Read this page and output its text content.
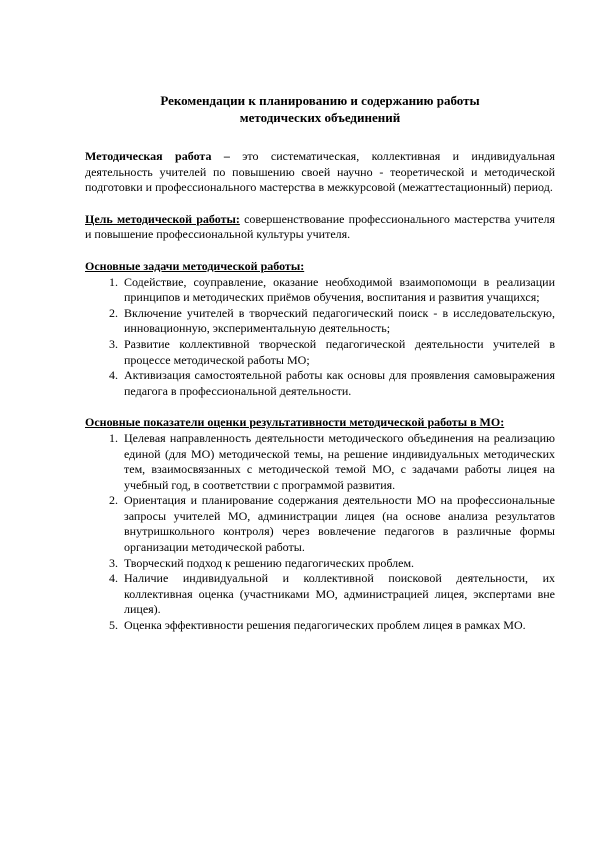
Рекомендации к планированию и содержанию работы
методических объединений

Методическая работа – это систематическая, коллективная и индивидуальная деятельность учителей по повышению своей научно - теоретической и методической подготовки и профессионального мастерства в межкурсовой (межаттестационный) период.

Цель методической работы: совершенствование профессионального мастерства учителя и повышение профессиональной культуры учителя.

Основные задачи методической работы:

1. Содействие, соуправление, оказание необходимой взаимопомощи в реализации принципов и методических приёмов обучения, воспитания и развития учащихся;
2. Включение учителей в творческий педагогический поиск - в исследовательскую, инновационную, экспериментальную деятельность;
3. Развитие коллективной творческой педагогической деятельности учителей в процессе методической работы МО;
4. Активизация самостоятельной работы как основы для проявления самовыражения педагога в профессиональной деятельности.

Основные показатели оценки результативности методической работы в МО:

1. Целевая направленность деятельности методического объединения на реализацию единой (для МО) методической темы, на решение индивидуальных методических тем, взаимосвязанных с методической темой МО, с задачами работы лицея на учебный год, в соответствии с программой развития.
2. Ориентация и планирование содержания деятельности МО на профессиональные запросы учителей МО, администрации лицея (на основе анализа результатов внутришкольного контроля) через вовлечение педагогов в различные формы организации методической работы.
3. Творческий подход к решению педагогических проблем.
4. Наличие индивидуальной и коллективной поисковой деятельности, их коллективная оценка (участниками МО, администрацией лицея, экспертами вне лицея).
5. Оценка эффективности решения педагогических проблем лицея в рамках МО.
